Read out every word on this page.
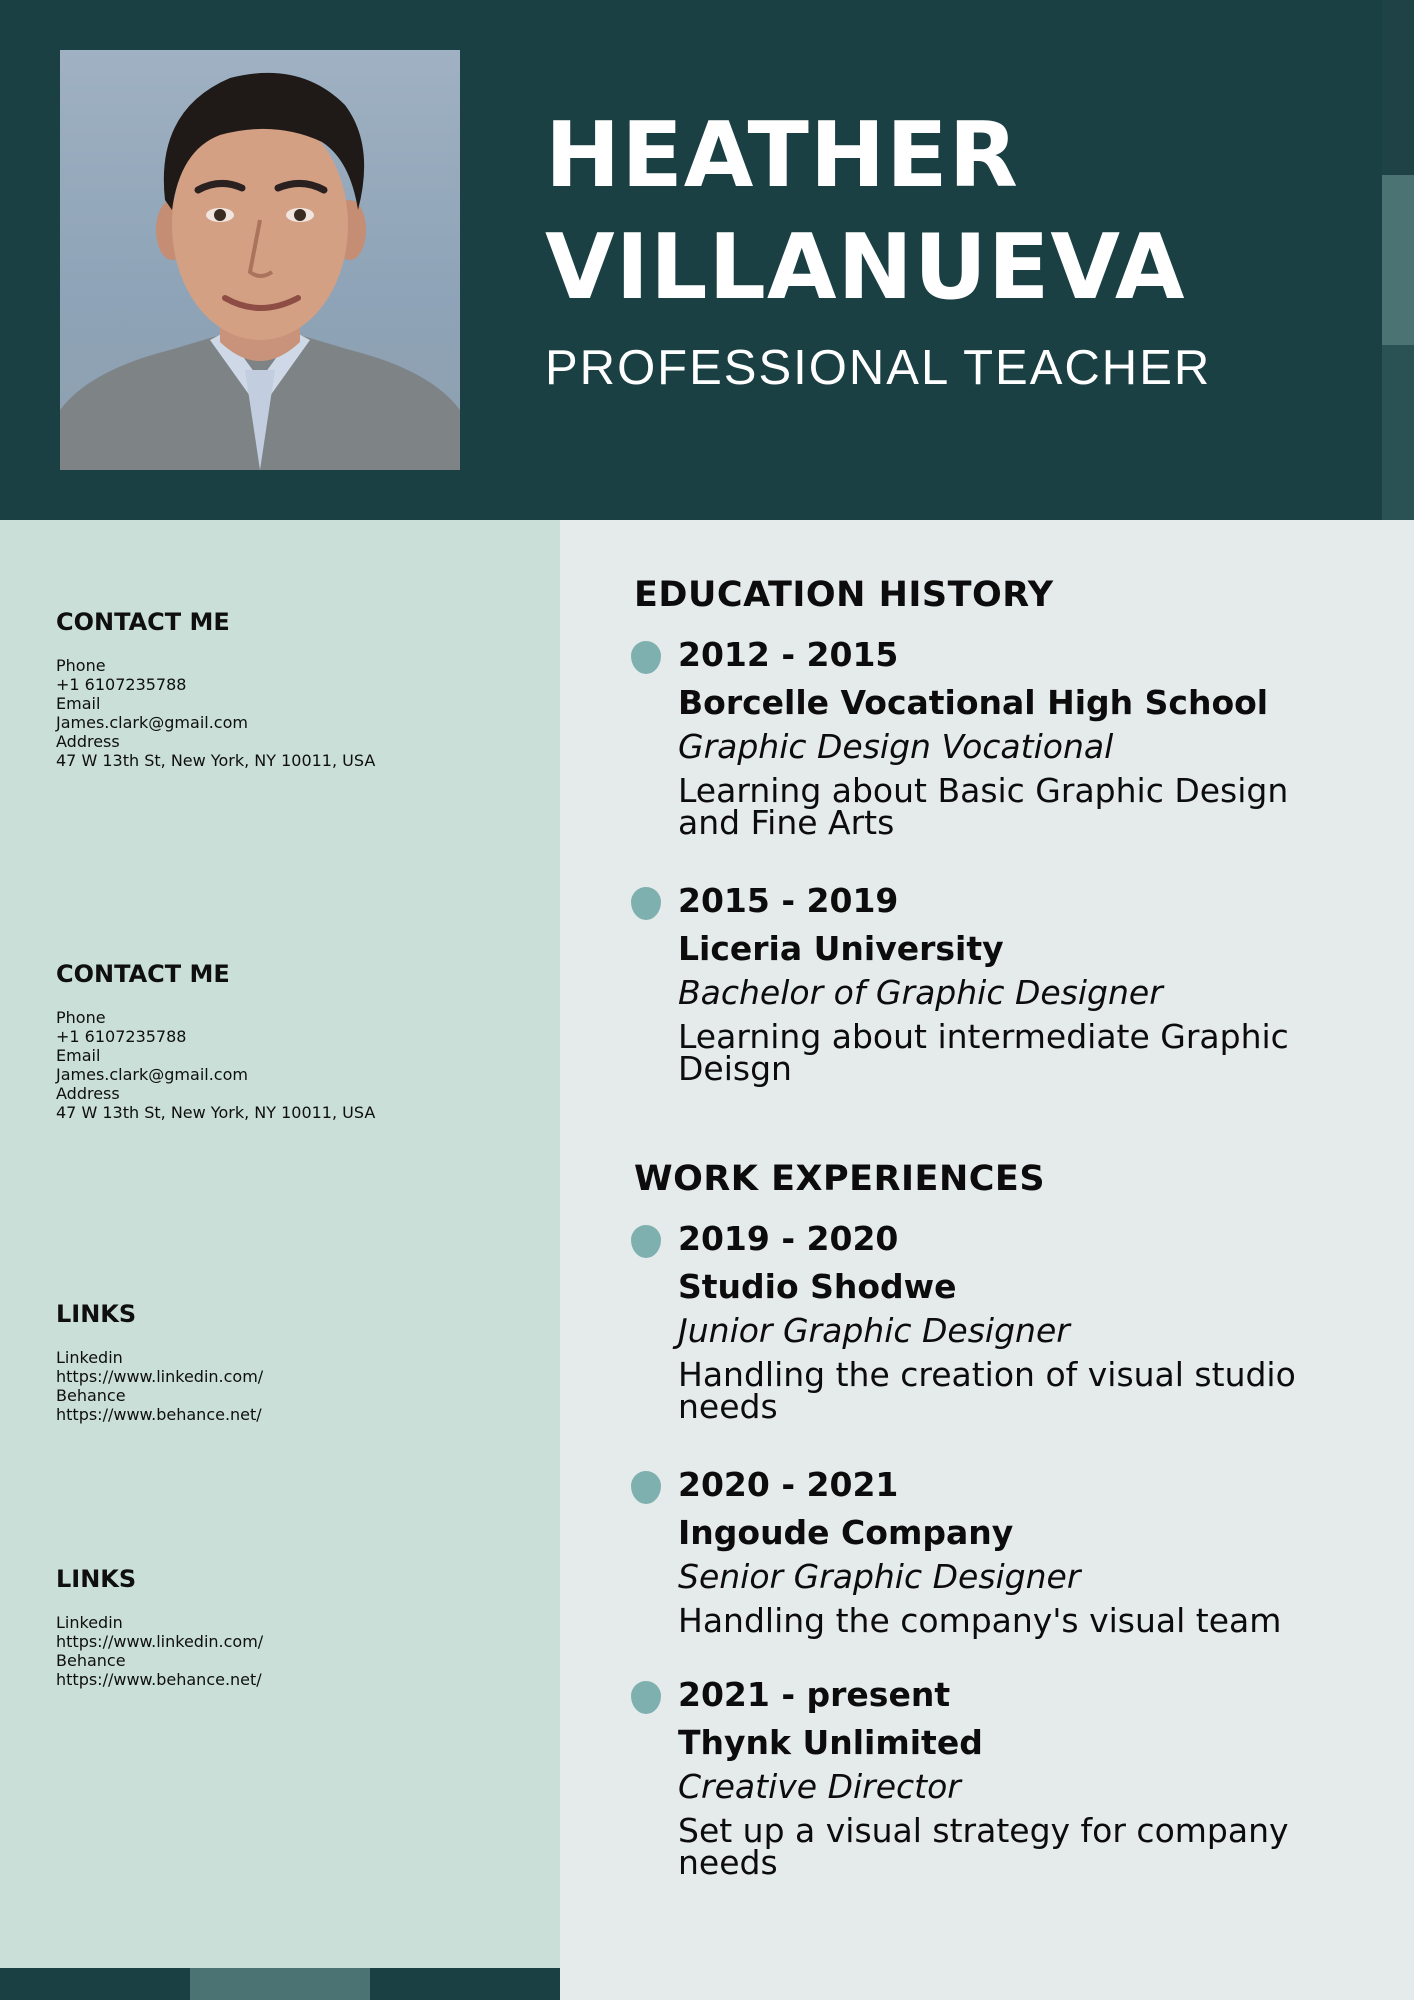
HEATHER
VILLANUEVA

PROFESSIONAL TEACHER

CONTACT ME
Phone
+1 6107235788
Email
James.clark@gmail.com
Address
47 W 13th St, New York, NY 10011, USA
CONTACT ME
Phone
+1 6107235788
Email
James.clark@gmail.com
Address
47 W 13th St, New York, NY 10011, USA
LINKS
Linkedin
https://www.linkedin.com/
Behance
https://www.behance.net/
LINKS
Linkedin
https://www.linkedin.com/
Behance
https://www.behance.net/
EDUCATION HISTORY
2012 - 2015
Borcelle Vocational High School
Graphic Design Vocational
Learning about Basic Graphic Design and Fine Arts
2015 - 2019
Liceria University
Bachelor of Graphic Designer
Learning about intermediate Graphic Deisgn
WORK EXPERIENCES
2019 - 2020
Studio Shodwe
Junior Graphic Designer
Handling the creation of visual studio needs
2020 - 2021
Ingoude Company
Senior Graphic Designer
Handling the company's visual team
2021 - present
Thynk Unlimited
Creative Director
Set up a visual strategy for company needs
